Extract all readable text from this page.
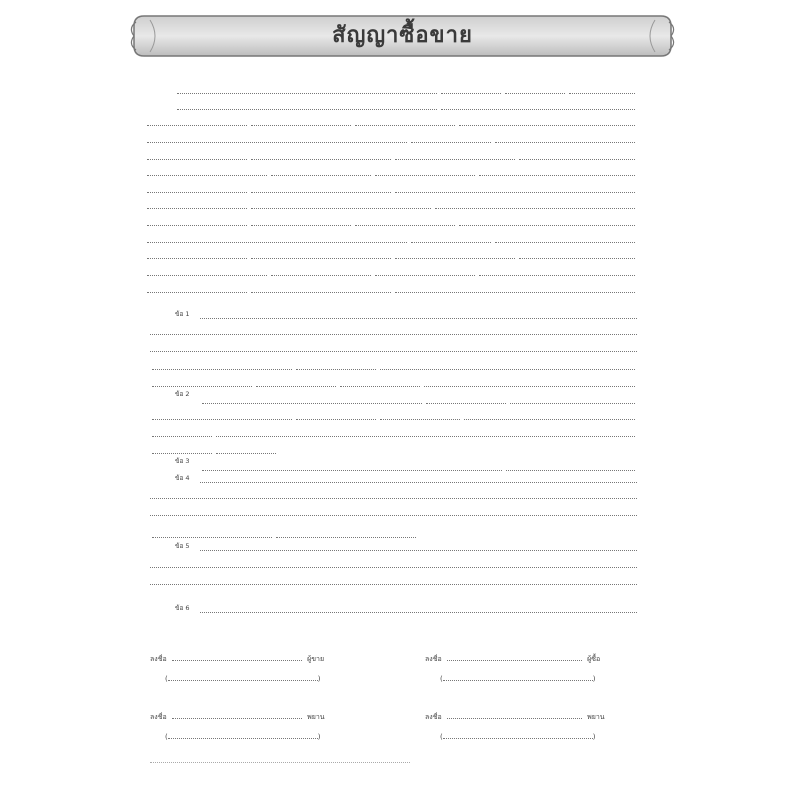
สัญญาซื้อขาย
ข้อ 1
ข้อ 2
ข้อ 3
ข้อ 4
ข้อ 5
ข้อ 6
ลงชื่อ	ผู้ขาย
(	)
ลงชื่อ	ผู้ซื้อ
(	)
ลงชื่อ	พยาน
(	)
ลงชื่อ	พยาน
(	)
